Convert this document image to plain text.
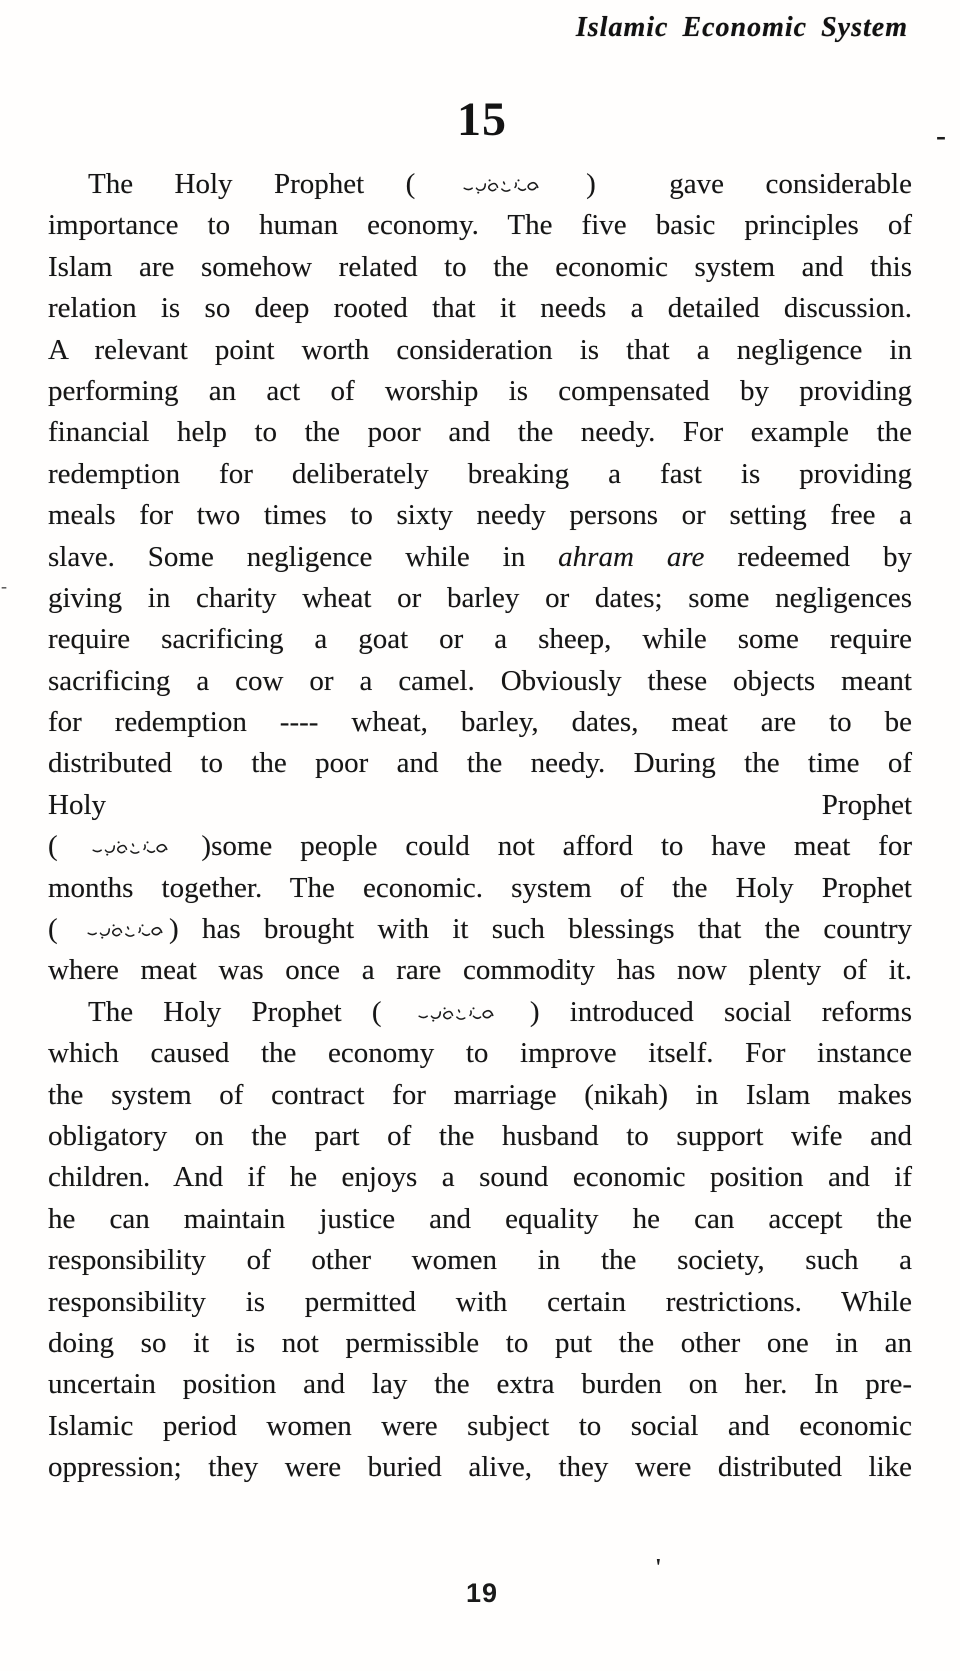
Islamic Economic System
-
15
-
The Holy Prophet (	) gave considerable
importance to human economy. The five basic principles of
Islam are somehow related to the economic system and this
relation is so deep rooted that it needs a detailed discussion.
A relevant point worth consideration is that a negligence in
performing an act of worship is compensated by providing
financial help to the poor and the needy. For example the
redemption for deliberately breaking a fast is providing
meals for two times to sixty needy persons or setting free a
slave. Some negligence while in ahram are redeemed by
giving in charity wheat or barley or dates; some negligences
require sacrificing a goat or a sheep, while some require
sacrificing a cow or a camel. Obviously these objects meant
for redemption ---- wheat, barley, dates, meat are to be
distributed to the poor and the needy. During the time of
Holy Prophet
(	)some people could not afford to have meat for
months together. The economic. system of the Holy Prophet
(	) has brought with it such blessings that the country
where meat was once a rare commodity has now plenty of it.
The Holy Prophet (	) introduced social reforms
which caused the economy to improve itself. For instance
the system of contract for marriage (nikah) in Islam makes
obligatory on the part of the husband to support wife and
children. And if he enjoys a sound economic position and if
he can maintain justice and equality he can accept the
responsibility of other women in the society, such a
responsibility is permitted with certain restrictions. While
doing so it is not permissible to put the other one in an
uncertain position and lay the extra burden on her. In pre-
Islamic period women were subject to social and economic
oppression; they were buried alive, they were distributed like
'
19
